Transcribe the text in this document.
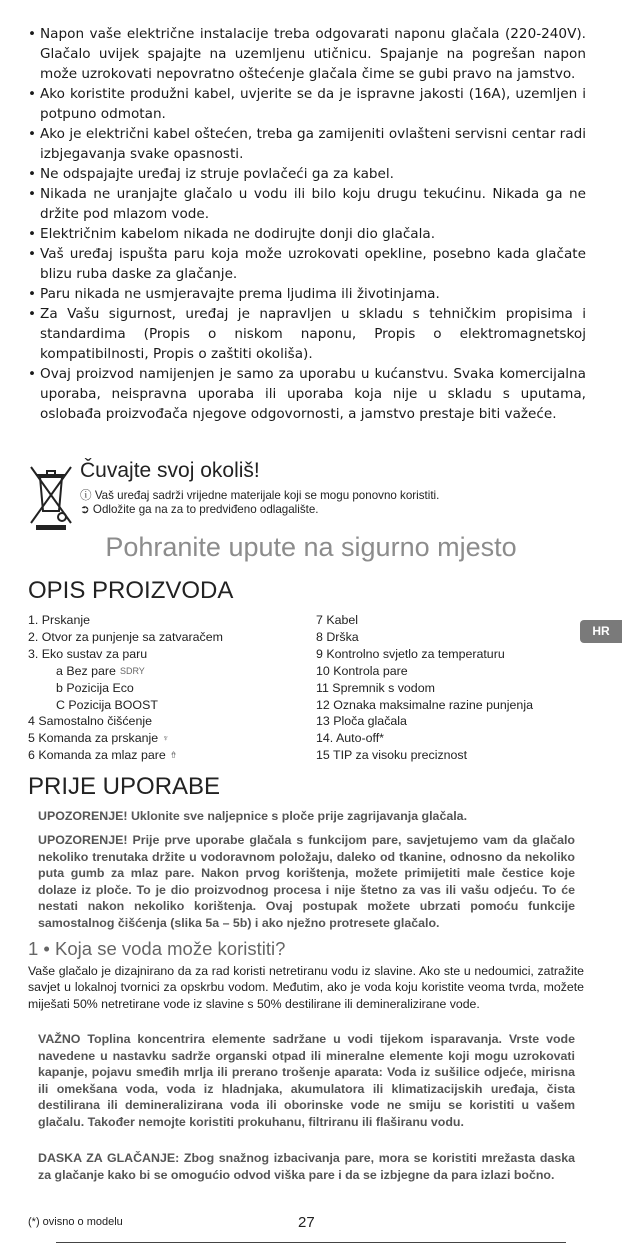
• Napon vaše električne instalacije treba odgovarati naponu glačala (220-240V). Glačalo uvijek spajajte na uzemljenu utičnicu. Spajanje na pogrešan napon može uzrokovati nepovratno oštećenje glačala čime se gubi pravo na jamstvo.
• Ako koristite produžni kabel, uvjerite se da je ispravne jakosti (16A), uzemljen i potpuno odmotan.
• Ako je električni kabel oštećen, treba ga zamijeniti ovlašteni servisni centar radi izbjegavanja svake opasnosti.
• Ne odspajajte uređaj iz struje povlačeći ga za kabel.
• Nikada ne uranjajte glačalo u vodu ili bilo koju drugu tekućinu. Nikada ga ne držite pod mlazom vode.
• Električnim kabelom nikada ne dodirujte donji dio glačala.
• Vaš uređaj ispušta paru koja može uzrokovati opekline, posebno kada glačate blizu ruba daske za glačanje.
• Paru nikada ne usmjeravajte prema ljudima ili životinjama.
• Za Vašu sigurnost, uređaj je napravljen u skladu s tehničkim propisima i standardima (Propis o niskom naponu, Propis o elektromagnetskoj kompatibilnosti, Propis o zaštiti okoliša).
• Ovaj proizvod namijenjen je samo za uporabu u kućanstvu. Svaka komercijalna uporaba, neispravna uporaba ili uporaba koja nije u skladu s uputama, oslobađa proizvođača njegove odgovornosti, a jamstvo prestaje biti važeće.
Čuvajte svoj okoliš!
ⓘ Vaš uređaj sadrži vrijedne materijale koji se mogu ponovno koristiti.
➲ Odložite ga na za to predviđeno odlagalište.
Pohranite upute na sigurno mjesto
OPIS PROIZVODA
HR
1. Prskanje
2. Otvor za punjenje sa zatvaračem
3. Eko sustav za paru
a Bez pare SDRY
b Pozicija Eco
C Pozicija BOOST
4 Samostalno čišćenje
5 Komanda za prskanje ♆
6 Komanda za mlaz pare ⇮
7 Kabel
8 Drška
9 Kontrolno svjetlo za temperaturu
10 Kontrola pare
11 Spremnik s vodom
12 Oznaka maksimalne razine punjenja
13 Ploča glačala
14. Auto-off*
15 TIP za visoku preciznost
PRIJE UPORABE

UPOZORENJE! Uklonite sve naljepnice s ploče prije zagrijavanja glačala.

UPOZORENJE! Prije prve uporabe glačala s funkcijom pare, savjetujemo vam da glačalo nekoliko trenutaka držite u vodoravnom položaju, daleko od tkanine, odnosno da nekoliko puta gumb za mlaz pare. Nakon prvog korištenja, možete primijetiti male čestice koje dolaze iz ploče. To je dio proizvodnog procesa i nije štetno za vas ili vašu odjeću. To će nestati nakon nekoliko korištenja. Ovaj postupak možete ubrzati pomoću funkcije samostalnog čišćenja (slika 5a – 5b) i ako nježno protresete glačalo.

1 • Koja se voda može koristiti?

Vaše glačalo je dizajnirano da za rad koristi netretiranu vodu iz slavine. Ako ste u nedoumici, zatražite savjet u lokalnoj tvornici za opskrbu vodom. Međutim, ako je voda koju koristite veoma tvrda, možete miješati 50% netretirane vode iz slavine s 50% destilirane ili demineralizirane vode.

VAŽNO Toplina koncentrira elemente sadržane u vodi tijekom isparavanja. Vrste vode navedene u nastavku sadrže organski otpad ili mineralne elemente koji mogu uzrokovati kapanje, pojavu smeđih mrlja ili prerano trošenje aparata: Voda iz sušilice odjeće, mirisna ili omekšana voda, voda iz hladnjaka, akumulatora ili klimatizacijskih uređaja, čista destilirana ili demineralizirana voda ili oborinske vode ne smiju se koristiti u vašem glačalu. Također nemojte koristiti prokuhanu, filtriranu ili flaširanu vodu.

DASKA ZA GLAČANJE: Zbog snažnog izbacivanja pare, mora se koristiti mrežasta daska za glačanje kako bi se omogućio odvod viška pare i da se izbjegne da para izlazi bočno.

(*) ovisno o modelu	27
